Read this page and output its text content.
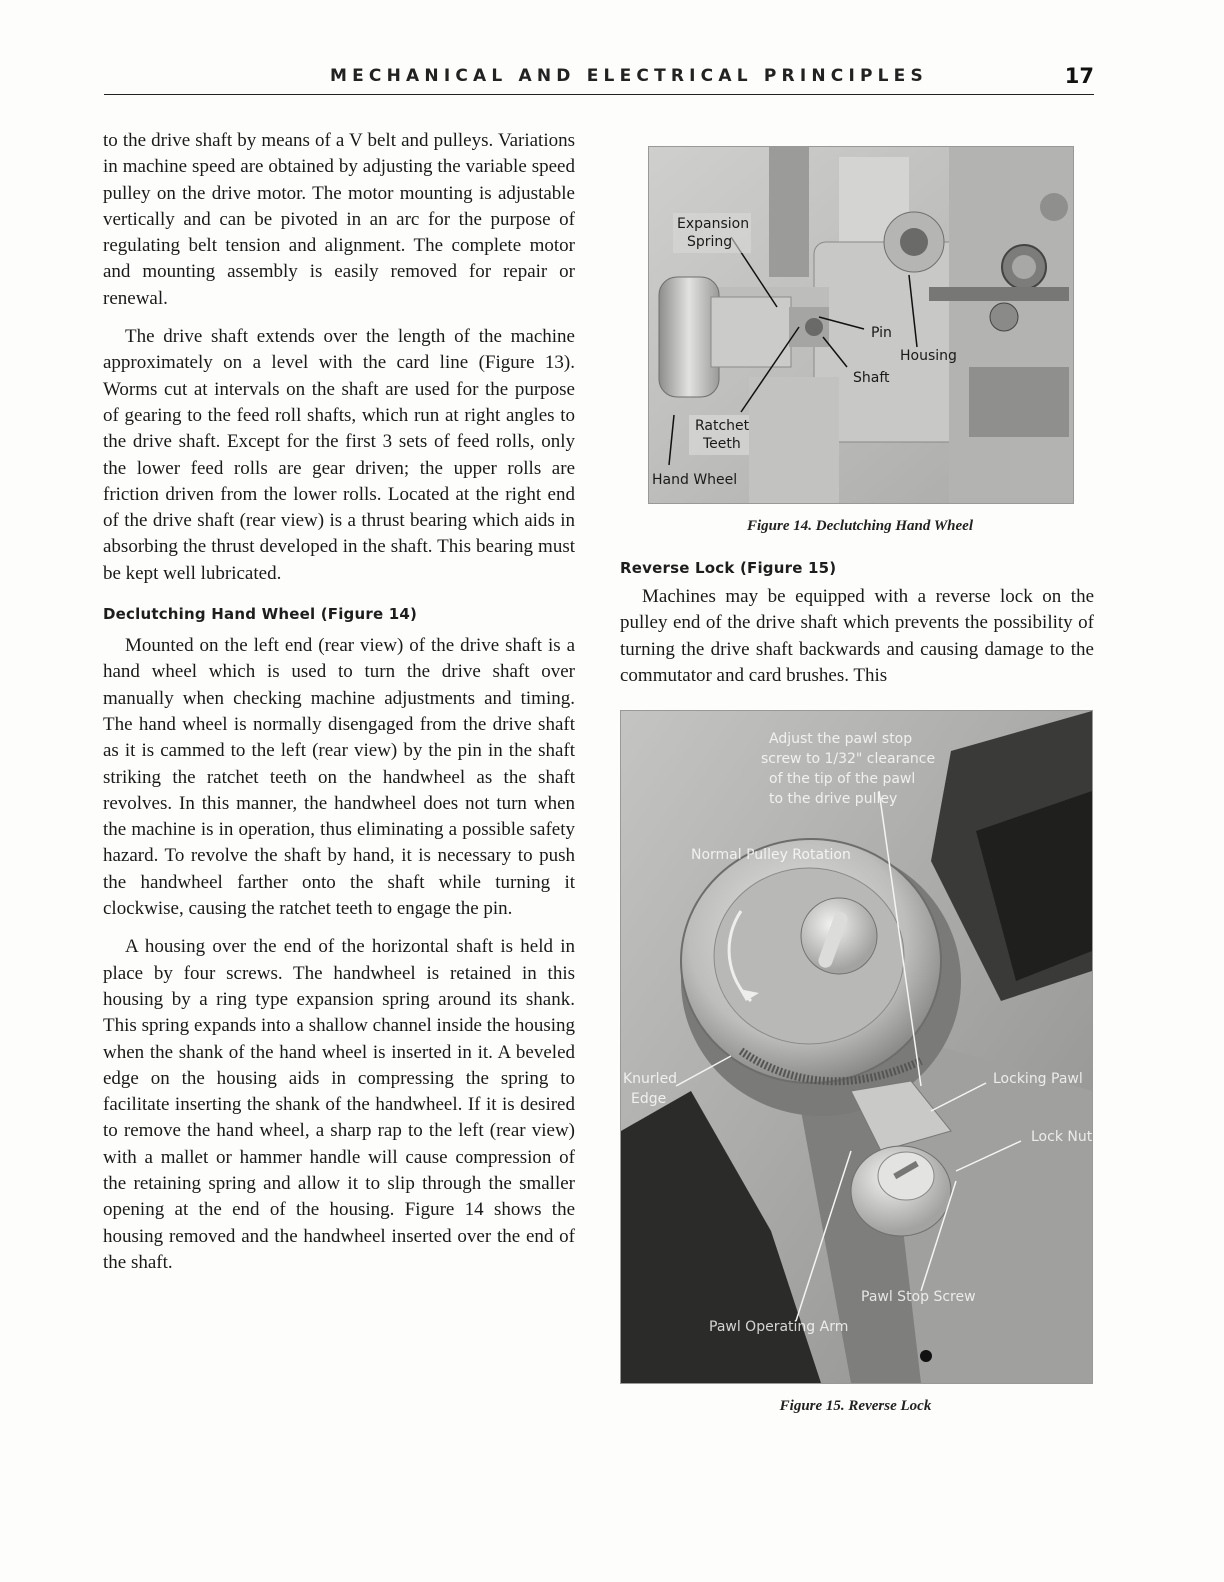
MECHANICAL AND ELECTRICAL PRINCIPLES	17

to the drive shaft by means of a V belt and pulleys. Variations in machine speed are obtained by adjusting the variable speed pulley on the drive motor. The motor mounting is adjustable vertically and can be pivoted in an arc for the purpose of regulating belt tension and alignment. The complete motor and mounting assembly is easily removed for repair or renewal.

The drive shaft extends over the length of the machine approximately on a level with the card line (Figure 13). Worms cut at intervals on the shaft are used for the purpose of gearing to the feed roll shafts, which run at right angles to the drive shaft. Except for the first 3 sets of feed rolls, only the lower feed rolls are gear driven; the upper rolls are friction driven from the lower rolls. Located at the right end of the drive shaft (rear view) is a thrust bearing which aids in absorbing the thrust developed in the shaft. This bearing must be kept well lubricated.

Declutching Hand Wheel (Figure 14)

Mounted on the left end (rear view) of the drive shaft is a hand wheel which is used to turn the drive shaft over manually when checking machine adjustments and timing. The hand wheel is normally disengaged from the drive shaft as it is cammed to the left (rear view) by the pin in the shaft striking the ratchet teeth on the handwheel as the shaft revolves. In this manner, the handwheel does not turn when the machine is in operation, thus eliminating a possible safety hazard. To revolve the shaft by hand, it is necessary to push the handwheel farther onto the shaft while turning it clockwise, causing the ratchet teeth to engage the pin.

A housing over the end of the horizontal shaft is held in place by four screws. The handwheel is retained in this housing by a ring type expansion spring around its shank. This spring expands into a shallow channel inside the housing when the shank of the hand wheel is inserted in it. A beveled edge on the housing aids in compressing the spring to facilitate inserting the shank of the handwheel. If it is desired to remove the hand wheel, a sharp rap to the left (rear view) with a mallet or hammer handle will cause compression of the retaining spring and allow it to slip through the smaller opening at the end of the housing. Figure 14 shows the housing removed and the handwheel inserted over the end of the shaft.

Expansion
Spring
Pin
Housing
Shaft
Ratchet
Teeth
Hand Wheel
Figure 14. Declutching Hand Wheel
Reverse Lock (Figure 15)

Machines may be equipped with a reverse lock on the pulley end of the drive shaft which prevents the possibility of turning the drive shaft backwards and causing damage to the commutator and card brushes. This

Adjust the pawl stop
screw to 1/32" clearance
of the tip of the pawl
to the drive pulley
Normal Pulley Rotation
Knurled
Edge
Locking Pawl
Lock Nut
Pawl Stop Screw
Pawl Operating Arm
Figure 15. Reverse Lock
